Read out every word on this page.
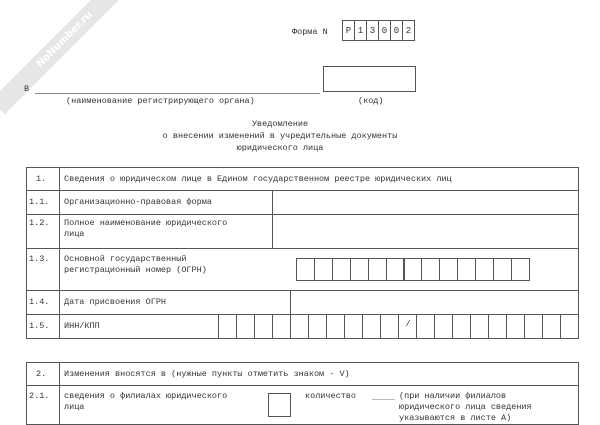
NoNumber.ru	Форма N
В
(наименование регистрирующего органа)	(код)
Уведомление
о внесении изменений в учредительные документы
юридического лица
Р 1 3 0 0 2
1. Сведения о юридическом лице в Едином государственном реестре юридических лиц
1.1. Организационно-правовая форма
1.2. Полное наименование юридического
лица
1.3. Основной государственный
регистрационный номер (ОГРН)
1.4. Дата присвоения ОГРН
1.5. ИНН/КПП	/
2. Изменения вносятся в (нужные пункты отметить знаком - V)
2.1. сведения о филиалах юридического
лица
количество	(при наличии филиалов
юридического лица сведения
указываются в листе А)
